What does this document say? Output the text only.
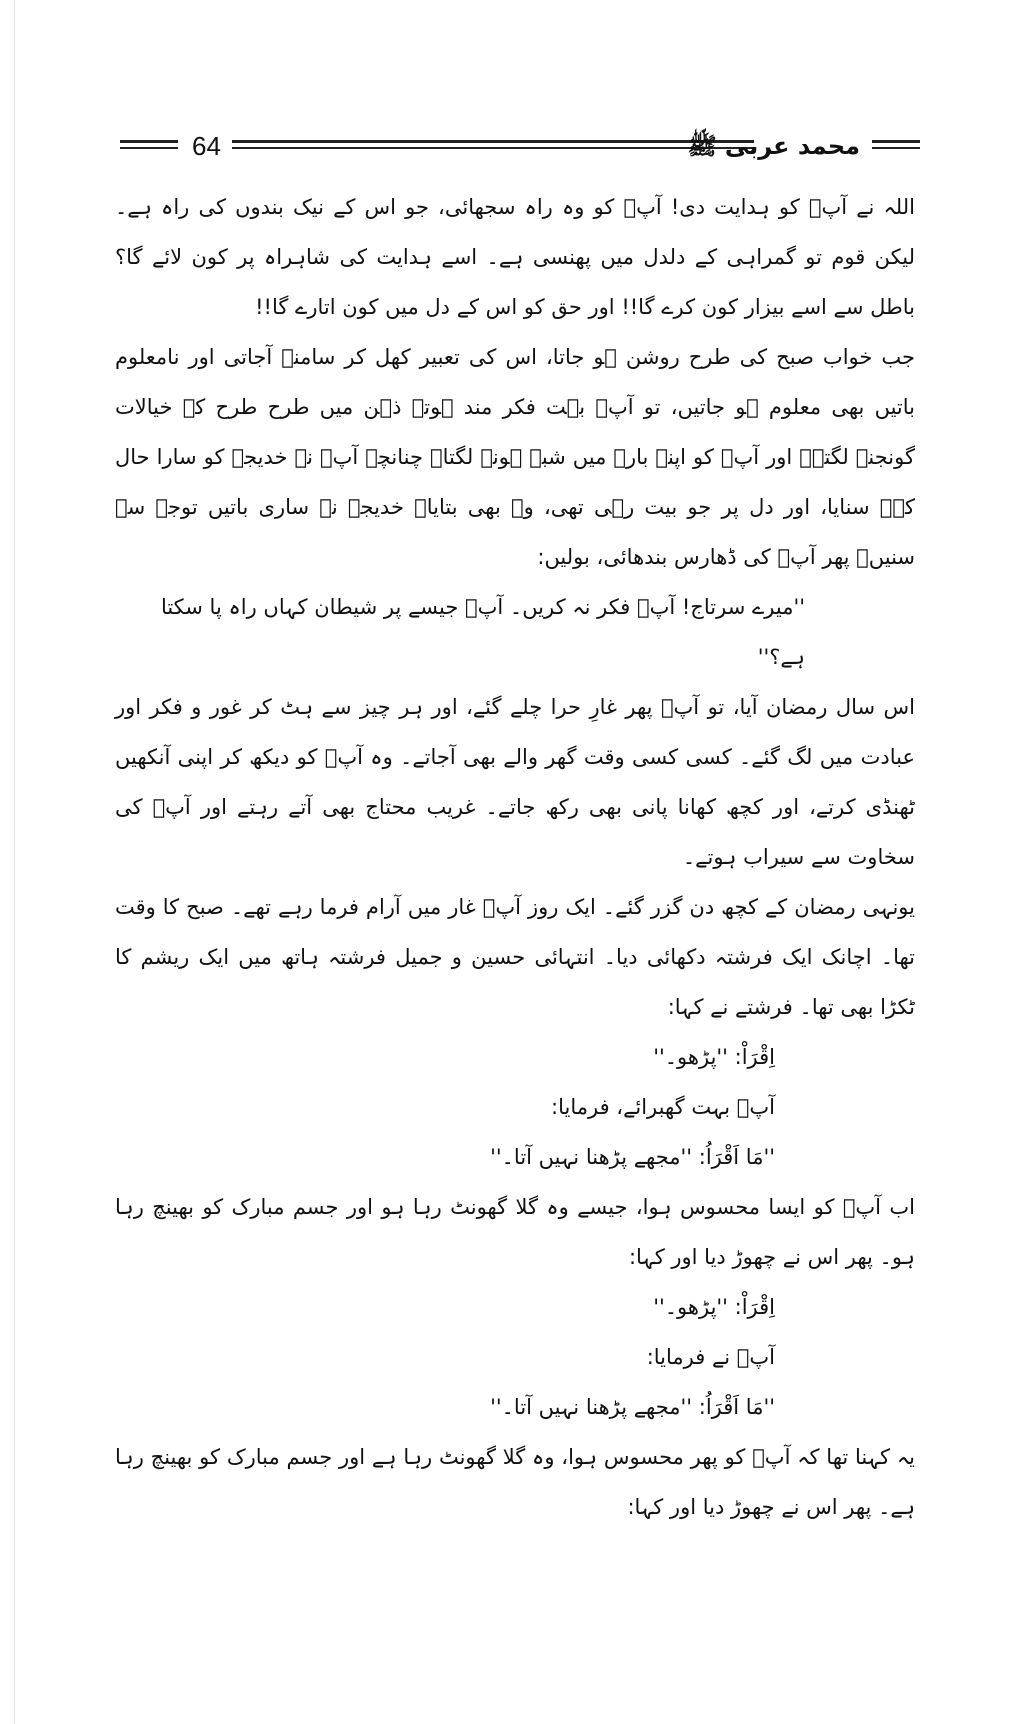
64	محمد عربی ﷺ

اللہ نے آپؐ کو ہدایت دی! آپؐ کو وہ راہ سجھائی، جو اس کے نیک بندوں کی راہ ہے۔ لیکن قوم تو گمراہی کے دلدل میں پھنسی ہے۔ اسے ہدایت کی شاہراہ پر کون لائے گا؟ باطل سے اسے بیزار کون کرے گا!! اور حق کو اس کے دل میں کون اتارے گا!!

جب خواب صبح کی طرح روشن ہو جاتا، اس کی تعبیر کھل کر سامنے آجاتی اور نامعلوم باتیں بھی معلوم ہو جاتیں، تو آپؐ بہت فکر مند ہوتے ذہن میں طرح طرح کے خیالات گونجنے لگتے۔ اور آپؐ کو اپنے بارے میں شبہ ہونے لگتا۔ چنانچہ آپؐ نے خدیجہ کو سارا حال کہہ سنایا، اور دل پر جو بیت رہی تھی، وہ بھی بتایا۔ خدیجہ نے ساری باتیں توجہ سے سنیں۔ پھر آپؐ کی ڈھارس بندھائی، بولیں:

''میرے سرتاج! آپؐ فکر نہ کریں۔ آپؐ جیسے پر شیطان کہاں راہ پا سکتا ہے؟''

اس سال رمضان آیا، تو آپؐ پھر غارِ حرا چلے گئے، اور ہر چیز سے ہٹ کر غور و فکر اور عبادت میں لگ گئے۔ کسی کسی وقت گھر والے بھی آجاتے۔ وہ آپؐ کو دیکھ کر اپنی آنکھیں ٹھنڈی کرتے، اور کچھ کھانا پانی بھی رکھ جاتے۔ غریب محتاج بھی آتے رہتے اور آپؐ کی سخاوت سے سیراب ہوتے۔

یونہی رمضان کے کچھ دن گزر گئے۔ ایک روز آپؐ غار میں آرام فرما رہے تھے۔ صبح کا وقت تھا۔ اچانک ایک فرشتہ دکھائی دیا۔ انتہائی حسین و جمیل فرشتہ ہاتھ میں ایک ریشم کا ٹکڑا بھی تھا۔ فرشتے نے کہا:

اِقْرَاْ: ''پڑھو۔''

آپؐ بہت گھبرائے، فرمایا:

''مَا اَقْرَاُ: ''مجھے پڑھنا نہیں آتا۔''

اب آپؐ کو ایسا محسوس ہوا، جیسے وہ گلا گھونٹ رہا ہو اور جسم مبارک کو بھینچ رہا ہو۔ پھر اس نے چھوڑ دیا اور کہا:

اِقْرَاْ: ''پڑھو۔''

آپؐ نے فرمایا:

''مَا اَقْرَاُ: ''مجھے پڑھنا نہیں آتا۔''

یہ کہنا تھا کہ آپؐ کو پھر محسوس ہوا، وہ گلا گھونٹ رہا ہے اور جسم مبارک کو بھینچ رہا ہے۔ پھر اس نے چھوڑ دیا اور کہا:
